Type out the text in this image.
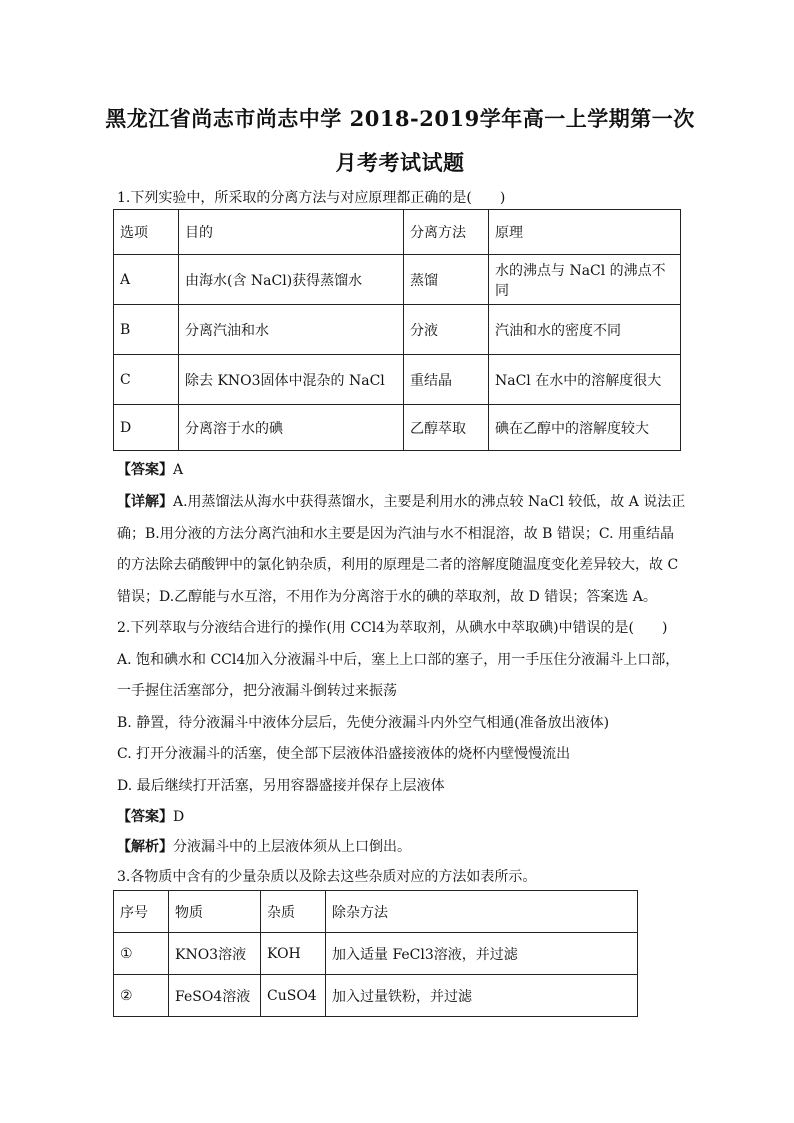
黑龙江省尚志市尚志中学 2018-2019学年高一上学期第一次
月考考试试题
1.下列实验中，所采取的分离方法与对应原理都正确的是(　　)
选项	目的	分离方法	原理
A	由海水(含 NaCl)获得蒸馏水	蒸馏	水的沸点与 NaCl 的沸点不同
B	分离汽油和水	分液	汽油和水的密度不同
C	除去 KNO3固体中混杂的 NaCl	重结晶	NaCl 在水中的溶解度很大
D	分离溶于水的碘	乙醇萃取	碘在乙醇中的溶解度较大
【答案】A
【详解】A.用蒸馏法从海水中获得蒸馏水，主要是利用水的沸点较 NaCl 较低，故 A 说法正
确；B.用分液的方法分离汽油和水主要是因为汽油与水不相混溶，故 B 错误；C. 用重结晶
的方法除去硝酸钾中的氯化钠杂质，利用的原理是二者的溶解度随温度变化差异较大，故 C
错误；D.乙醇能与水互溶，不用作为分离溶于水的碘的萃取剂，故 D 错误；答案选 A。
2.下列萃取与分液结合进行的操作(用 CCl4为萃取剂，从碘水中萃取碘)中错误的是(　　)
A. 饱和碘水和 CCl4加入分液漏斗中后，塞上上口部的塞子，用一手压住分液漏斗上口部，
一手握住活塞部分，把分液漏斗倒转过来振荡
B. 静置，待分液漏斗中液体分层后，先使分液漏斗内外空气相通(准备放出液体)
C. 打开分液漏斗的活塞，使全部下层液体沿盛接液体的烧杯内壁慢慢流出
D. 最后继续打开活塞，另用容器盛接并保存上层液体
【答案】D
【解析】分液漏斗中的上层液体须从上口倒出。
3.各物质中含有的少量杂质以及除去这些杂质对应的方法如表所示。
序号	物质	杂质	除杂方法
①	KNO3溶液	KOH	加入适量 FeCl3溶液，并过滤
②	FeSO4溶液	CuSO4	加入过量铁粉，并过滤
